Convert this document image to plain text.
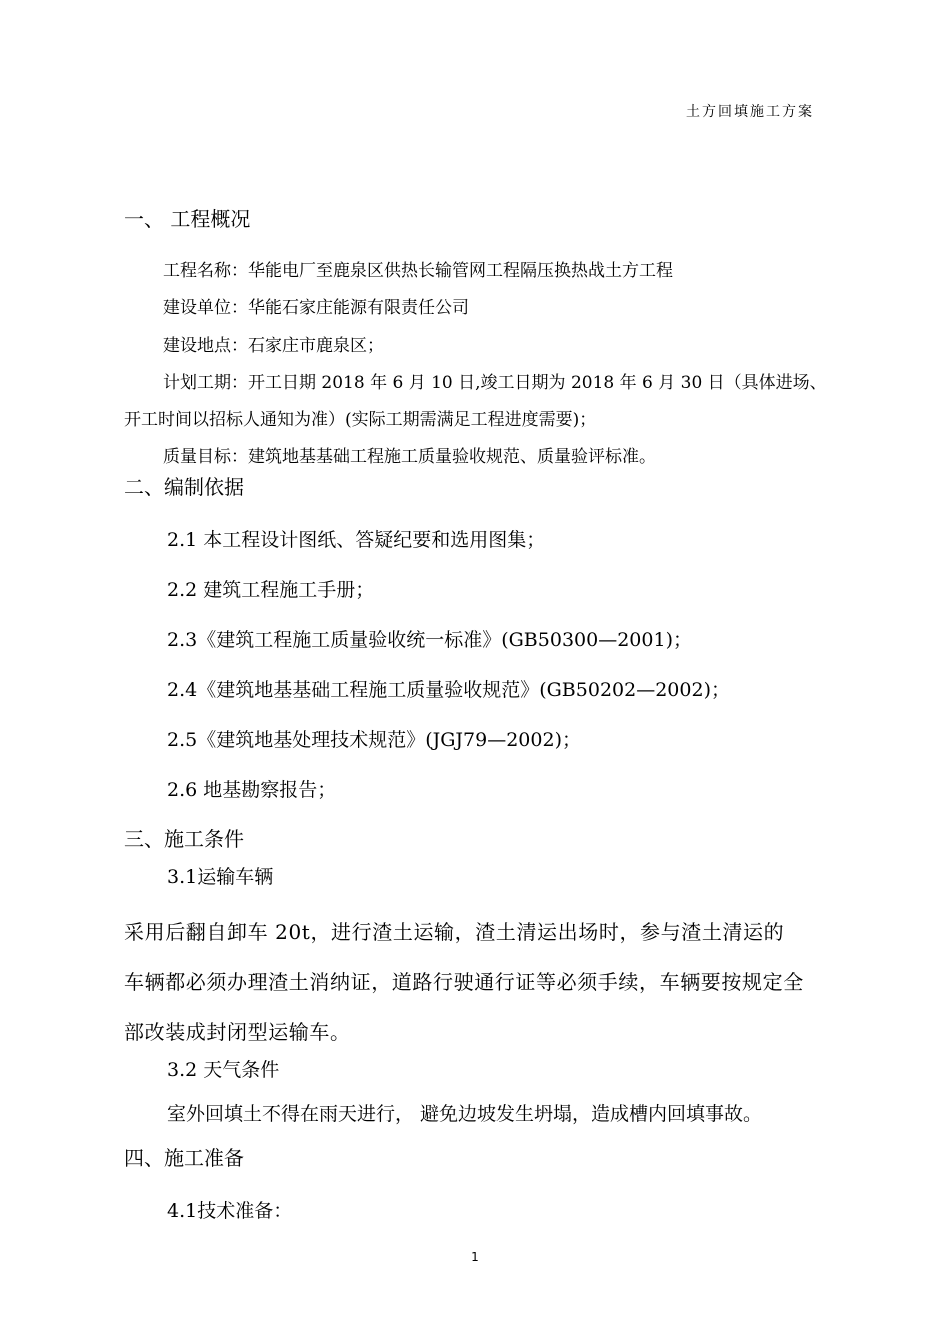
土方回填施工方案
一、 工程概况
工程名称：华能电厂至鹿泉区供热长输管网工程隔压换热战土方工程
建设单位：华能石家庄能源有限责任公司
建设地点：石家庄市鹿泉区；
计划工期：开工日期 2018 年 6 月 10 日,竣工日期为 2018 年 6 月 30 日（具体进场、
开工时间以招标人通知为准）(实际工期需满足工程进度需要)；
质量目标：建筑地基基础工程施工质量验收规范、质量验评标准。
二、编制依据
2.1 本工程设计图纸、答疑纪要和选用图集；
2.2 建筑工程施工手册；
2.3《建筑工程施工质量验收统一标准》(GB50300—2001)；
2.4《建筑地基基础工程施工质量验收规范》(GB50202—2002)；
2.5《建筑地基处理技术规范》(JGJ79—2002)；
2.6 地基勘察报告；
三、施工条件
3.1运输车辆
采用后翻自卸车 20t，进行渣土运输，渣土清运出场时，参与渣土清运的
车辆都必须办理渣土消纳证，道路行驶通行证等必须手续，车辆要按规定全
部改装成封闭型运输车。
3.2 天气条件
室外回填土不得在雨天进行， 避免边坡发生坍塌，造成槽内回填事故。
四、施工准备
4.1技术准备：
1
